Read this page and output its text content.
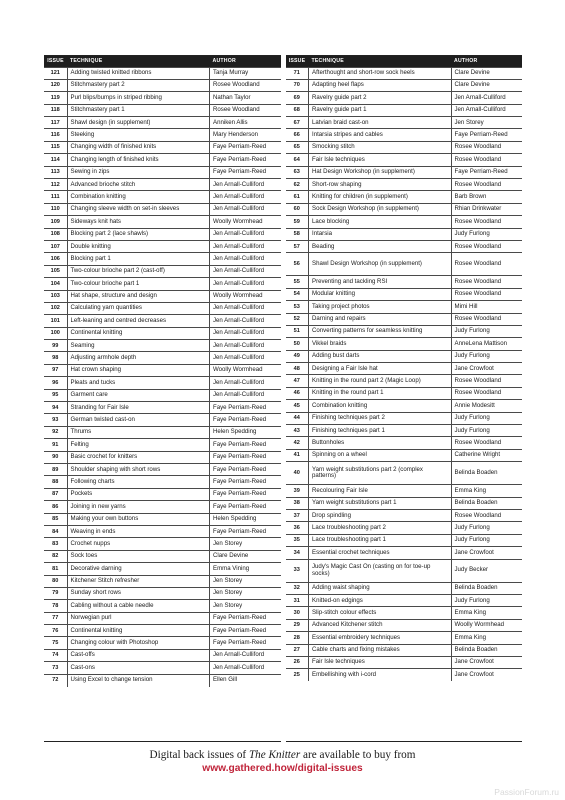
ISSUE	TECHNIQUE	AUTHOR
121	Adding twisted knitted ribbons	Tanja Murray
120	Stitchmastery part 2	Rosee Woodland
119	Purl blips/bumps in striped ribbing	Nathan Taylor
118	Stitchmastery part 1	Rosee Woodland
117	Shawl design (in supplement)	Anniken Allis
116	Steeking	Mary Henderson
115	Changing width of finished knits	Faye Perriam-Reed
114	Changing length of finished knits	Faye Perriam-Reed
113	Sewing in zips	Faye Perriam-Reed
112	Advanced brioche stitch	Jen Arnall-Culliford
111	Combination knitting	Jen Arnall-Culliford
110	Changing sleeve width on set-in sleeves	Jen Arnall-Culliford
109	Sideways knit hats	Woolly Wormhead
108	Blocking part 2 (lace shawls)	Jen Arnall-Culliford
107	Double knitting	Jen Arnall-Culliford
106	Blocking part 1	Jen Arnall-Culliford
105	Two-colour brioche part 2 (cast-off)	Jen Arnall-Culliford
104	Two-colour brioche part 1	Jen Arnall-Culliford
103	Hat shape, structure and design	Woolly Wormhead
102	Calculating yarn quantities	Jen Arnall-Culliford
101	Left-leaning and centred decreases	Jen Arnall-Culliford
100	Continental knitting	Jen Arnall-Culliford
99	Seaming	Jen Arnall-Culliford
98	Adjusting armhole depth	Jen Arnall-Culliford
97	Hat crown shaping	Woolly Wormhead
96	Pleats and tucks	Jen Arnall-Culliford
95	Garment care	Jen Arnall-Culliford
94	Stranding for Fair Isle	Faye Perriam-Reed
93	German twisted cast-on	Faye Perriam-Reed
92	Thrums	Helen Spedding
91	Felting	Faye Perriam-Reed
90	Basic crochet for knitters	Faye Perriam-Reed
89	Shoulder shaping with short rows	Faye Perriam-Reed
88	Following charts	Faye Perriam-Reed
87	Pockets	Faye Perriam-Reed
86	Joining in new yarns	Faye Perriam-Reed
85	Making your own buttons	Helen Spedding
84	Weaving in ends	Faye Perriam-Reed
83	Crochet nupps	Jen Storey
82	Sock toes	Clare Devine
81	Decorative darning	Emma Vining
80	Kitchener Stitch refresher	Jen Storey
79	Sunday short rows	Jen Storey
78	Cabling without a cable needle	Jen Storey
77	Norwegian purl	Faye Perriam-Reed
76	Continental knitting	Faye Perriam-Reed
75	Changing colour with Photoshop	Faye Perriam-Reed
74	Cast-offs	Jen Arnall-Culliford
73	Cast-ons	Jen Arnall-Culliford
72	Using Excel to change tension	Ellen Gill
ISSUE	TECHNIQUE	AUTHOR
71	Afterthought and short-row sock heels	Clare Devine
70	Adapting heel flaps	Clare Devine
69	Ravelry guide part 2	Jen Arnall-Culliford
68	Ravelry guide part 1	Jen Arnall-Culliford
67	Latvian braid cast-on	Jen Storey
66	Intarsia stripes and cables	Faye Perriam-Reed
65	Smocking stitch	Rosee Woodland
64	Fair Isle techniques	Rosee Woodland
63	Hat Design Workshop (in supplement)	Faye Perriam-Reed
62	Short-row shaping	Rosee Woodland
61	Knitting for children (in supplement)	Barb Brown
60	Sock Design Workshop (in supplement)	Rhian Drinkwater
59	Lace blocking	Rosee Woodland
58	Intarsia	Judy Furlong
57	Beading	Rosee Woodland
56	Shawl Design Workshop (in supplement)	Rosee Woodland
55	Preventing and tackling RSI	Rosee Woodland
54	Modular knitting	Rosee Woodland
53	Taking project photos	Mimi Hill
52	Darning and repairs	Rosee Woodland
51	Converting patterns for seamless knitting	Judy Furlong
50	Vikkel braids	AnneLena Mattison
49	Adding bust darts	Judy Furlong
48	Designing a Fair Isle hat	Jane Crowfoot
47	Knitting in the round part 2 (Magic Loop)	Rosee Woodland
46	Knitting in the round part 1	Rosee Woodland
45	Combination knitting	Annie Modesitt
44	Finishing techniques part 2	Judy Furlong
43	Finishing techniques part 1	Judy Furlong
42	Buttonholes	Rosee Woodland
41	Spinning on a wheel	Catherine Wright
40	Yarn weight substitutions part 2 (complex patterns)	Belinda Boaden
39	Recolouring Fair Isle	Emma King
38	Yarn weight substitutions part 1	Belinda Boaden
37	Drop spindling	Rosee Woodland
36	Lace troubleshooting part 2	Judy Furlong
35	Lace troubleshooting part 1	Judy Furlong
34	Essential crochet techniques	Jane Crowfoot
33	Judy's Magic Cast On (casting on for toe-up socks)	Judy Becker
32	Adding waist shaping	Belinda Boaden
31	Knitted-on edgings	Judy Furlong
30	Slip-stitch colour effects	Emma King
29	Advanced Kitchener stitch	Woolly Wormhead
28	Essential embroidery techniques	Emma King
27	Cable charts and fixing mistakes	Belinda Boaden
26	Fair Isle techniques	Jane Crowfoot
25	Embellishing with i-cord	Jane Crowfoot
Digital back issues of The Knitter are available to buy from
www.gathered.how/digital-issues
PassionForum.ru
